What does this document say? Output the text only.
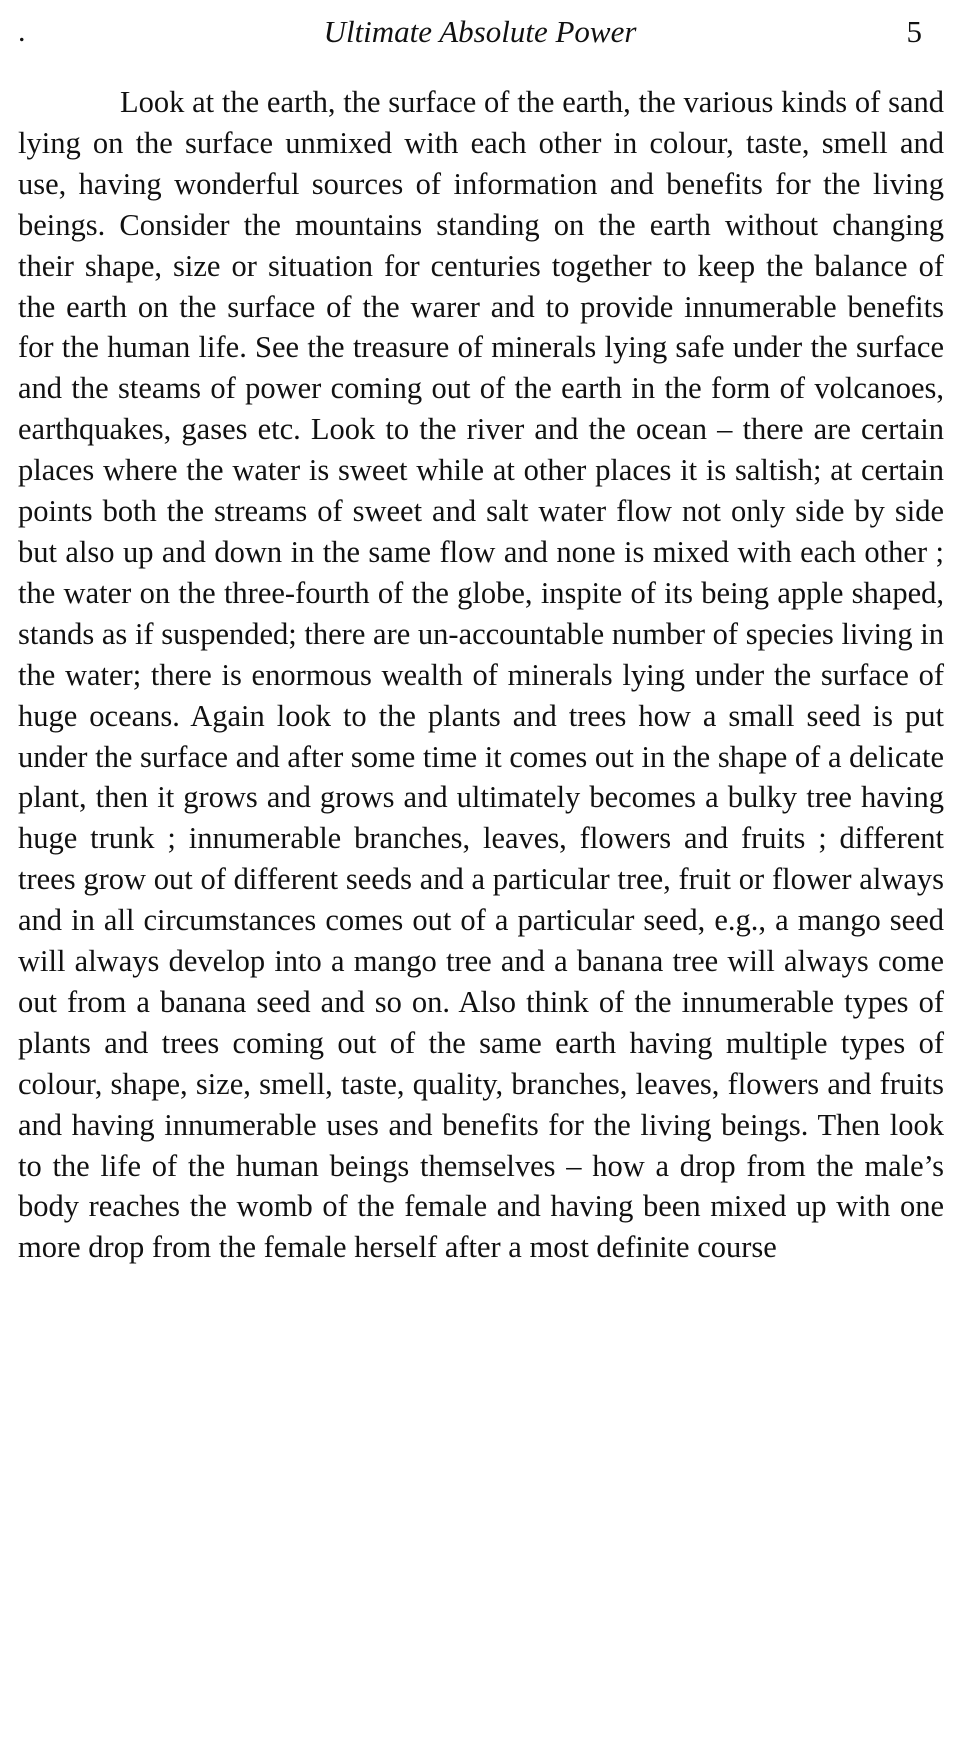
.	Ultimate Absolute Power	5

Look at the earth, the surface of the earth, the various kinds of sand lying on the surface unmixed with each other in colour, taste, smell and use, having wonderful sources of information and benefits for the living beings. Consider the mountains standing on the earth without changing their shape, size or situation for centuries together to keep the balance of the earth on the surface of the warer and to provide innumerable benefits for the human life. See the treasure of minerals lying safe under the surface and the steams of power coming out of the earth in the form of volcanoes, earthquakes, gases etc. Look to the river and the ocean – there are certain places where the water is sweet while at other places it is saltish; at certain points both the streams of sweet and salt water flow not only side by side but also up and down in the same flow and none is mixed with each other ; the water on the three-fourth of the globe, inspite of its being apple shaped, stands as if suspended; there are un-accountable number of species living in the water; there is enormous wealth of minerals lying under the surface of huge oceans. Again look to the plants and trees how a small seed is put under the surface and after some time it comes out in the shape of a delicate plant, then it grows and grows and ultimately becomes a bulky tree having huge trunk ; innumerable branches, leaves, flowers and fruits ; different trees grow out of different seeds and a particular tree, fruit or flower always and in all circumstances comes out of a particular seed, e.g., a mango seed will always develop into a mango tree and a banana tree will always come out from a banana seed and so on. Also think of the innumerable types of plants and trees coming out of the same earth having multiple types of colour, shape, size, smell, taste, quality, branches, leaves, flowers and fruits and having innumerable uses and benefits for the living beings. Then look to the life of the human beings themselves – how a drop from the male’s body reaches the womb of the female and having been mixed up with one more drop from the female herself after a most definite course
